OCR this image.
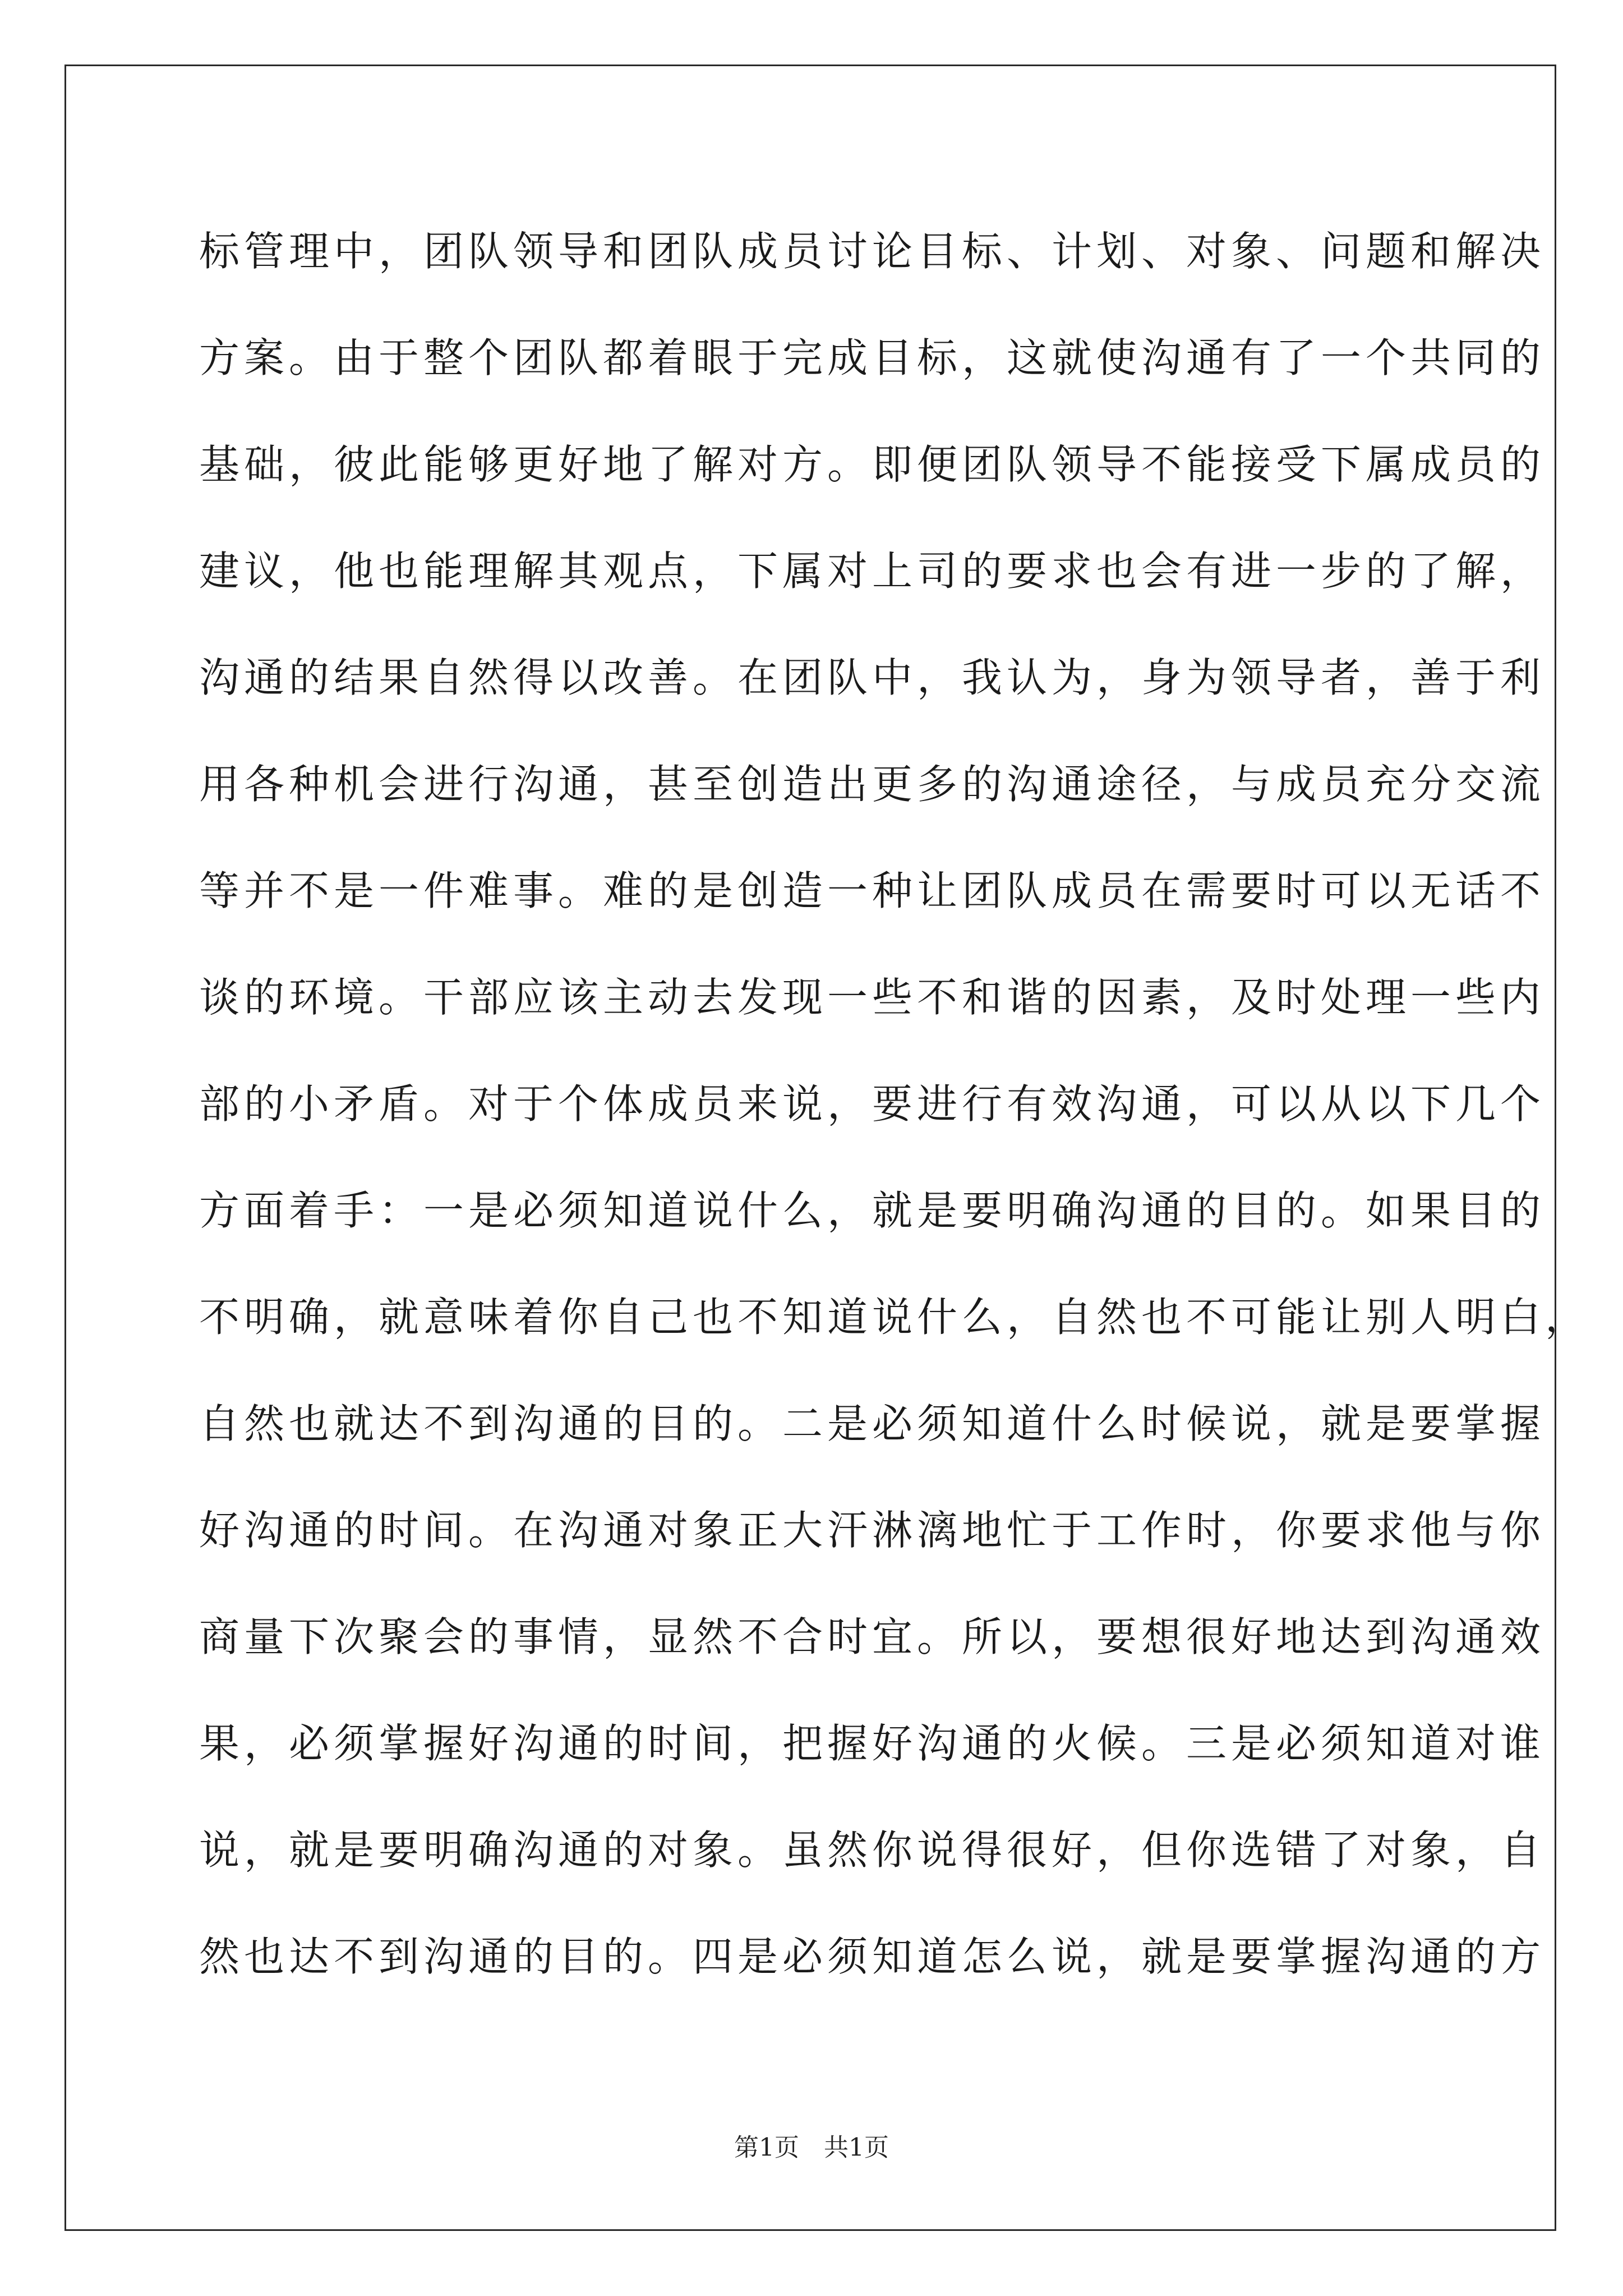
标管理中，团队领导和团队成员讨论目标、计划、对象、问题和解决
方案。由于整个团队都着眼于完成目标，这就使沟通有了一个共同的
基础，彼此能够更好地了解对方。即便团队领导不能接受下属成员的
建议，他也能理解其观点，下属对上司的要求也会有进一步的了解，
沟通的结果自然得以改善。在团队中，我认为，身为领导者，善于利
用各种机会进行沟通，甚至创造出更多的沟通途径，与成员充分交流
等并不是一件难事。难的是创造一种让团队成员在需要时可以无话不
谈的环境。干部应该主动去发现一些不和谐的因素，及时处理一些内
部的小矛盾。对于个体成员来说，要进行有效沟通，可以从以下几个
方面着手：一是必须知道说什么，就是要明确沟通的目的。如果目的
不明确，就意味着你自己也不知道说什么，自然也不可能让别人明白，
自然也就达不到沟通的目的。二是必须知道什么时候说，就是要掌握
好沟通的时间。在沟通对象正大汗淋漓地忙于工作时，你要求他与你
商量下次聚会的事情，显然不合时宜。所以，要想很好地达到沟通效
果，必须掌握好沟通的时间，把握好沟通的火候。三是必须知道对谁
说，就是要明确沟通的对象。虽然你说得很好，但你选错了对象，自
然也达不到沟通的目的。四是必须知道怎么说，就是要掌握沟通的方
第1页　共1页
